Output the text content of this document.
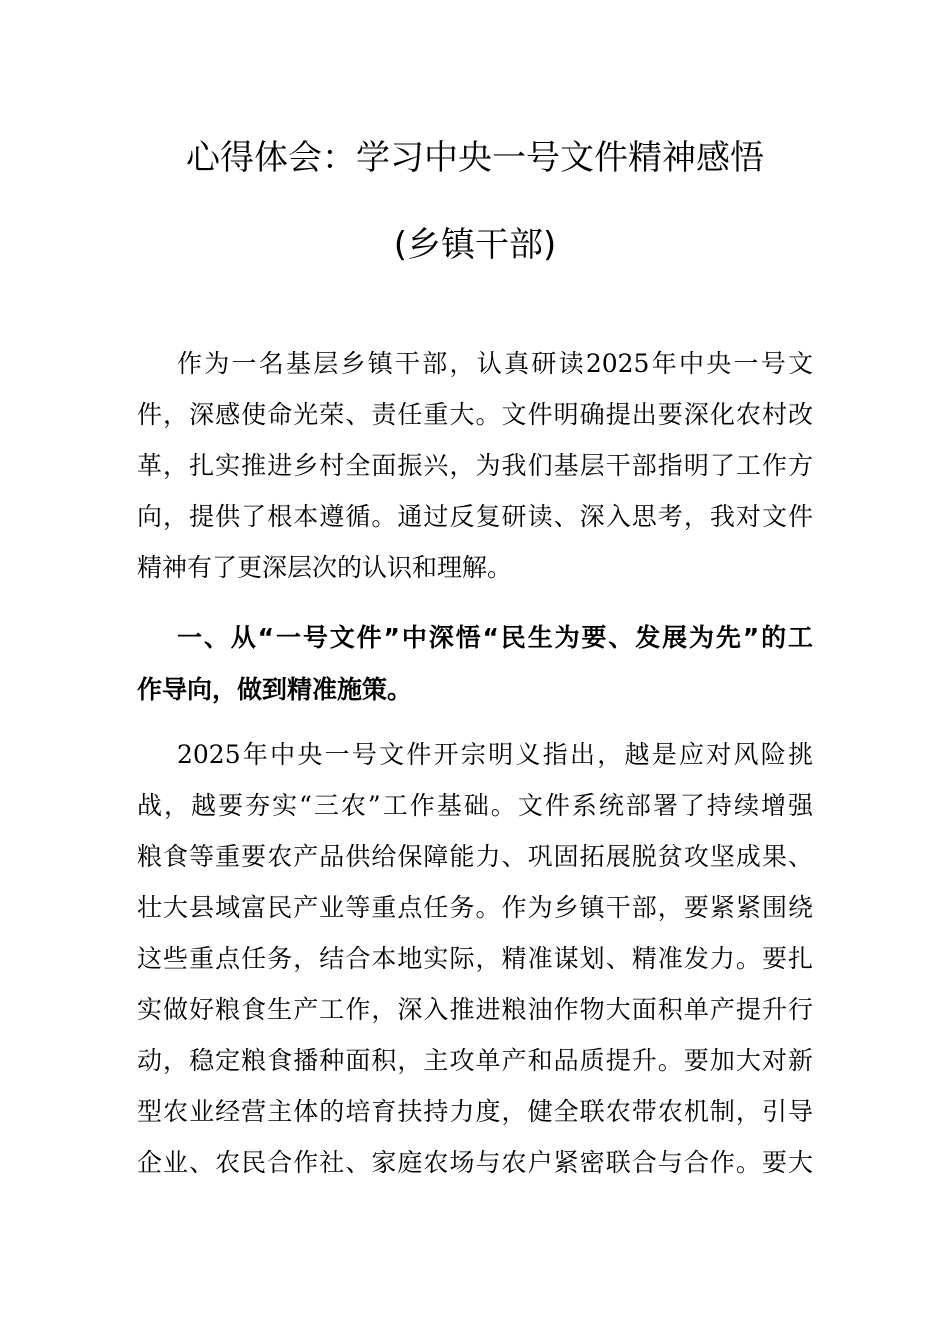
心得体会：学习中央一号文件精神感悟
(乡镇干部)
作为一名基层乡镇干部，认真研读2025年中央一号文
件，深感使命光荣、责任重大。文件明确提出要深化农村改
革，扎实推进乡村全面振兴，为我们基层干部指明了工作方
向，提供了根本遵循。通过反复研读、深入思考，我对文件
精神有了更深层次的认识和理解。
一、从“一号文件”中深悟“民生为要、发展为先”的工
作导向，做到精准施策。
2025年中央一号文件开宗明义指出，越是应对风险挑
战，越要夯实“三农”工作基础。文件系统部署了持续增强
粮食等重要农产品供给保障能力、巩固拓展脱贫攻坚成果、
壮大县域富民产业等重点任务。作为乡镇干部，要紧紧围绕
这些重点任务，结合本地实际，精准谋划、精准发力。要扎
实做好粮食生产工作，深入推进粮油作物大面积单产提升行
动，稳定粮食播种面积，主攻单产和品质提升。要加大对新
型农业经营主体的培育扶持力度，健全联农带农机制，引导
企业、农民合作社、家庭农场与农户紧密联合与合作。要大
